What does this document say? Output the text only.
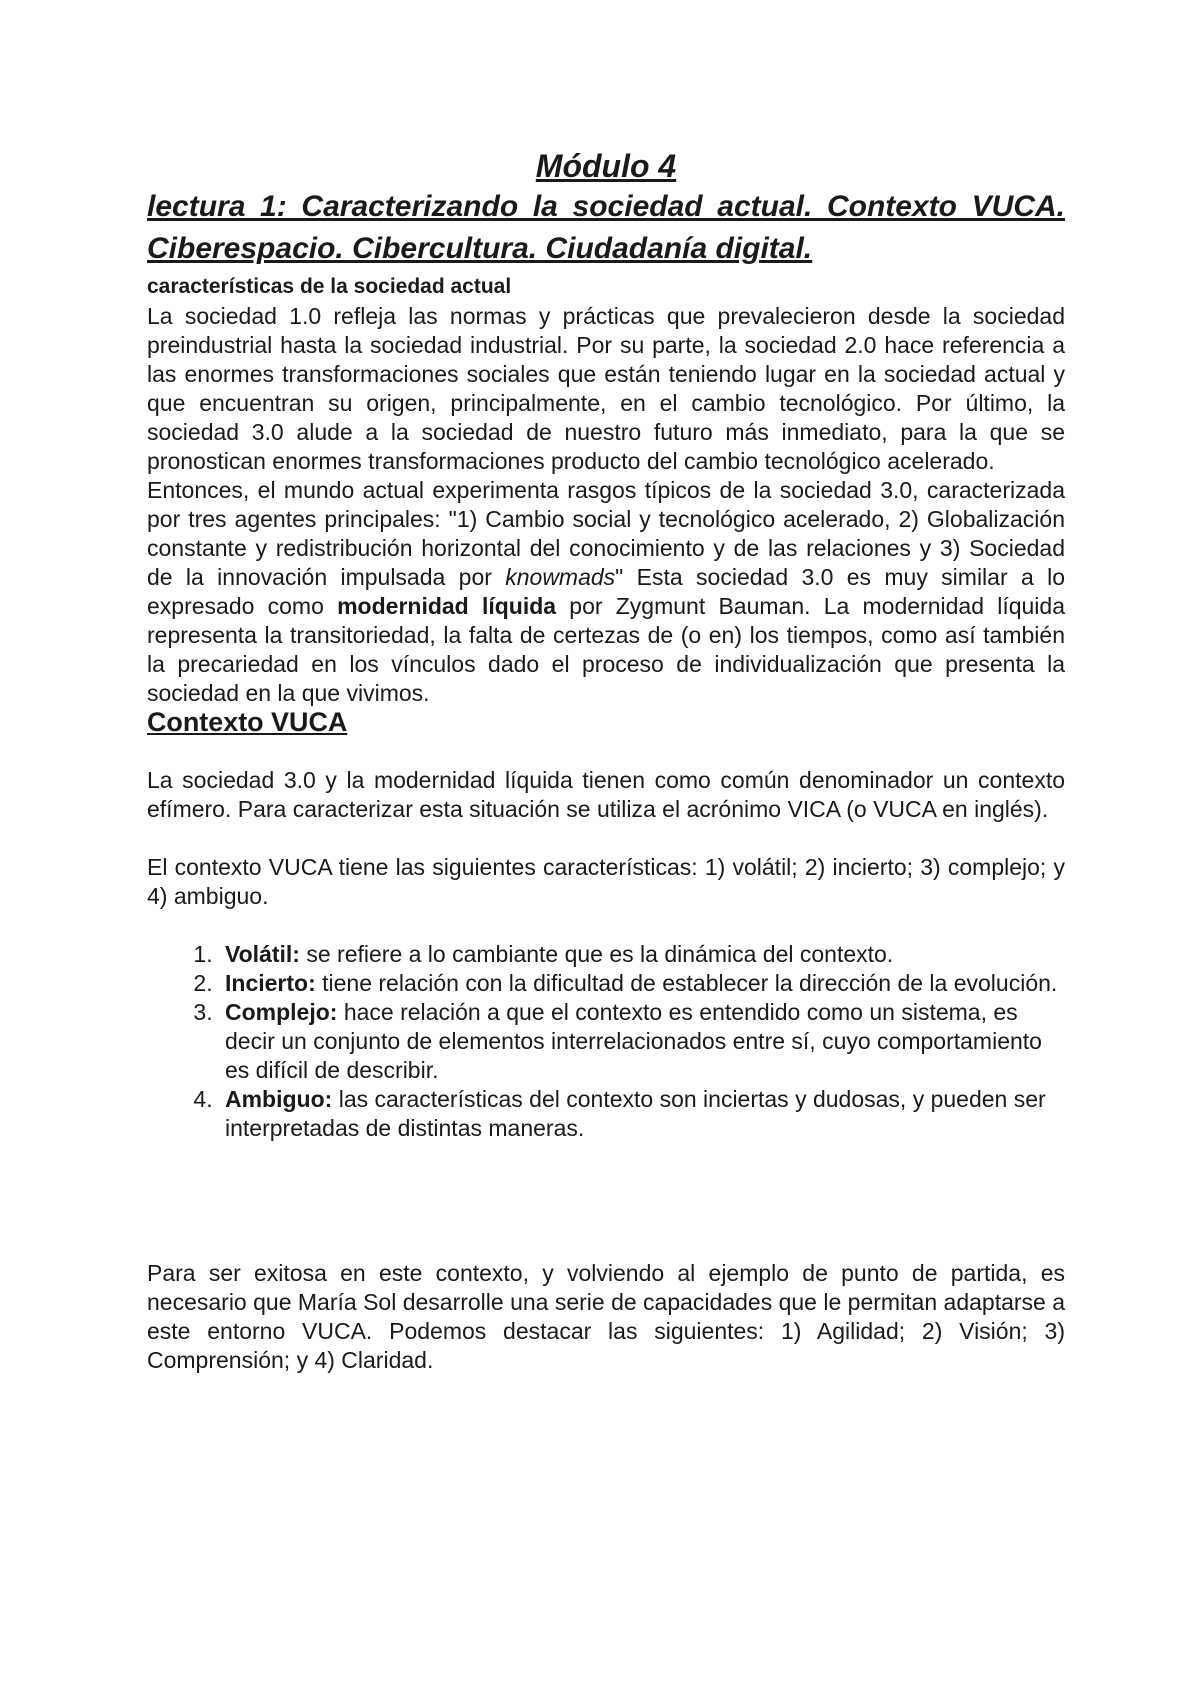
Módulo 4
lectura 1: Caracterizando la sociedad actual. Contexto VUCA. Ciberespacio. Cibercultura. Ciudadanía digital.
características de la sociedad actual

La sociedad 1.0 refleja las normas y prácticas que prevalecieron desde la sociedad preindustrial hasta la sociedad industrial. Por su parte, la sociedad 2.0 hace referencia a las enormes transformaciones sociales que están teniendo lugar en la sociedad actual y que encuentran su origen, principalmente, en el cambio tecnológico. Por último, la sociedad 3.0 alude a la sociedad de nuestro futuro más inmediato, para la que se pronostican enormes transformaciones producto del cambio tecnológico acelerado.

Entonces, el mundo actual experimenta rasgos típicos de la sociedad 3.0, caracterizada por tres agentes principales: "1) Cambio social y tecnológico acelerado, 2) Globalización constante y redistribución horizontal del conocimiento y de las relaciones y 3) Sociedad de la innovación impulsada por knowmads" Esta sociedad 3.0 es muy similar a lo expresado como modernidad líquida por Zygmunt Bauman. La modernidad líquida representa la transitoriedad, la falta de certezas de (o en) los tiempos, como así también la precariedad en los vínculos dado el proceso de individualización que presenta la sociedad en la que vivimos.

Contexto VUCA

La sociedad 3.0 y la modernidad líquida tienen como común denominador un contexto efímero. Para caracterizar esta situación se utiliza el acrónimo VICA (o VUCA en inglés).

El contexto VUCA tiene las siguientes características: 1) volátil; 2) incierto; 3) complejo; y 4) ambiguo.

1. Volátil: se refiere a lo cambiante que es la dinámica del contexto.
2. Incierto: tiene relación con la dificultad de establecer la dirección de la evolución.
3. Complejo: hace relación a que el contexto es entendido como un sistema, es decir un conjunto de elementos interrelacionados entre sí, cuyo comportamiento es difícil de describir.
4. Ambiguo: las características del contexto son inciertas y dudosas, y pueden ser interpretadas de distintas maneras.

Para ser exitosa en este contexto, y volviendo al ejemplo de punto de partida, es necesario que María Sol desarrolle una serie de capacidades que le permitan adaptarse a este entorno VUCA. Podemos destacar las siguientes: 1) Agilidad; 2) Visión; 3) Comprensión; y 4) Claridad.
